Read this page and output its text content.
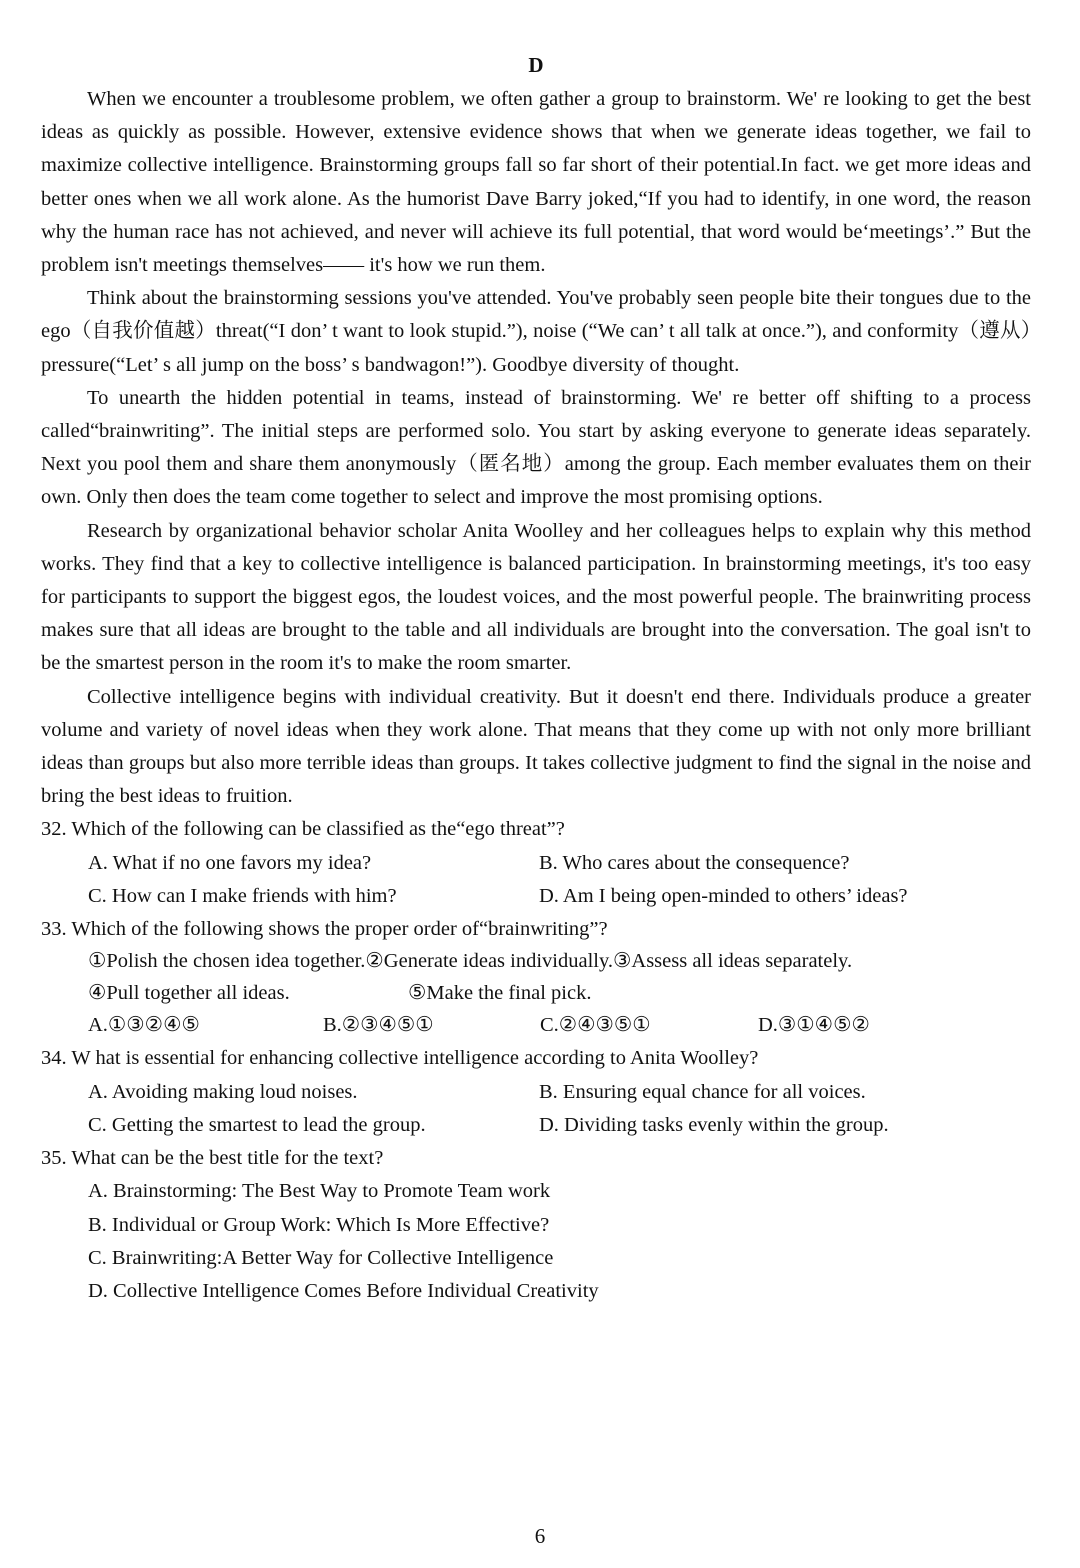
D

When we encounter a troublesome problem, we often gather a group to brainstorm. We' re looking to get the best ideas as quickly as possible. However, extensive evidence shows that when we generate ideas together, we fail to maximize collective intelligence. Brainstorming groups fall so far short of their potential.In fact. we get more ideas and better ones when we all work alone. As the humorist Dave Barry joked,“If you had to identify, in one word, the reason why the human race has not achieved, and never will achieve its full potential, that word would be‘meetings’.” But the problem isn't meetings themselves—— it's how we run them.

Think about the brainstorming sessions you've attended. You've probably seen people bite their tongues due to the ego（自我价值越）threat(“I don’ t want to look stupid.”), noise (“We can’ t all talk at once.”), and conformity（遵从）pressure(“Let’ s all jump on the boss’ s bandwagon!”). Goodbye diversity of thought.

To unearth the hidden potential in teams, instead of brainstorming. We' re better off shifting to a process called“brainwriting”. The initial steps are performed solo. You start by asking everyone to generate ideas separately. Next you pool them and share them anonymously（匿名地）among the group. Each member evaluates them on their own. Only then does the team come together to select and improve the most promising options.

Research by organizational behavior scholar Anita Woolley and her colleagues helps to explain why this method works. They find that a key to collective intelligence is balanced participation. In brainstorming meetings, it's too easy for participants to support the biggest egos, the loudest voices, and the most powerful people. The brainwriting process makes sure that all ideas are brought to the table and all individuals are brought into the conversation. The goal isn't to be the smartest person in the room it's to make the room smarter.

Collective intelligence begins with individual creativity. But it doesn't end there. Individuals produce a greater volume and variety of novel ideas when they work alone. That means that they come up with not only more brilliant ideas than groups but also more terrible ideas than groups. It takes collective judgment to find the signal in the noise and bring the best ideas to fruition.

32. Which of the following can be classified as the“ego threat”?

A. What if no one favors my idea?	B. Who cares about the consequence?
C. How can I make friends with him?	D. Am I being open-minded to others’ ideas?

33. Which of the following shows the proper order of“brainwriting”?

①Polish the chosen idea together.②Generate ideas individually.③Assess all ideas separately.
④Pull together all ideas.	⑤Make the final pick.
A.①③②④⑤	B.②③④⑤①	C.②④③⑤①	D.③①④⑤②

34. W hat is essential for enhancing collective intelligence according to Anita Woolley?

A. Avoiding making loud noises.	B. Ensuring equal chance for all voices.
C. Getting the smartest to lead the group.	D. Dividing tasks evenly within the group.

35. What can be the best title for the text?

A. Brainstorming: The Best Way to Promote Team work
B. Individual or Group Work: Which Is More Effective?
C. Brainwriting:A Better Way for Collective Intelligence
D. Collective Intelligence Comes Before Individual Creativity
6
